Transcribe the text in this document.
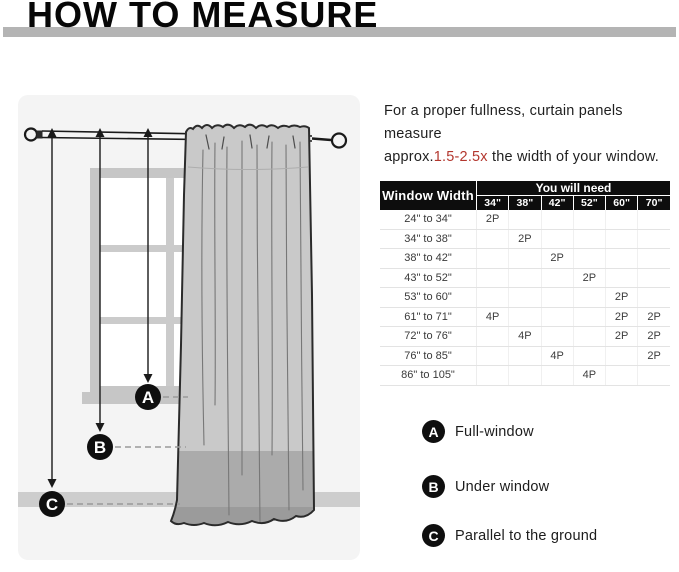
HOW TO MEASURE
A
B
C

For a proper fullness, curtain panels measure
approx.1.5-2.5x the width of your window.

Window Width	You will need					
	34"	38"	42"	52"	60"	70"
24" to 34"	2P					
34" to 38"		2P				
38" to 42"			2P			
43" to 52"				2P		
53" to 60"					2P	
61" to 71"	4P				2P	2P
72" to 76"		4P			2P	2P
76" to 85"			4P			2P
86" to 105"				4P		
A	Full-window
B	Under window
C	Parallel to the ground
